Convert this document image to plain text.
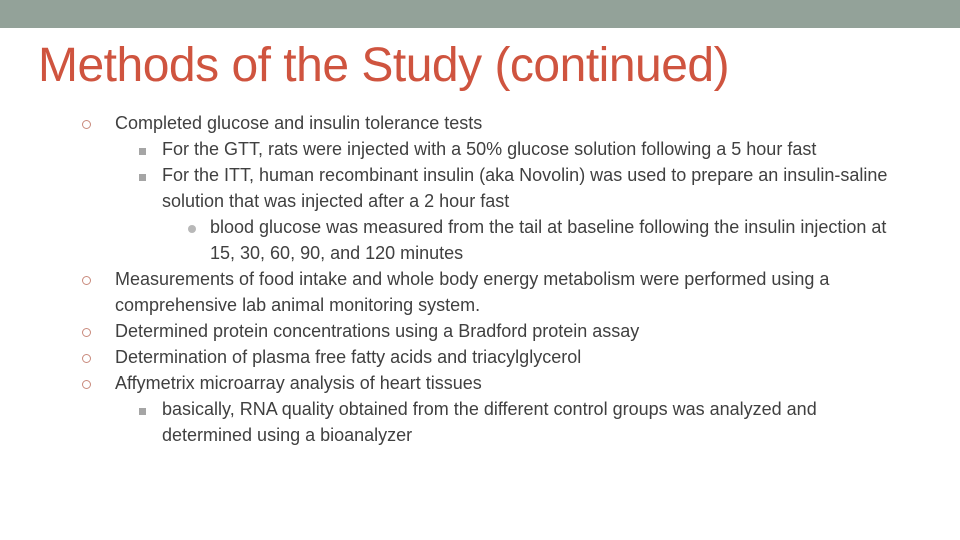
Methods of the Study (continued)
Completed glucose and insulin tolerance tests
For the GTT, rats were injected with a 50% glucose solution following a 5 hour fast
For the ITT, human recombinant insulin (aka Novolin) was used to prepare an insulin-saline solution that was injected after a 2 hour fast
blood glucose was measured from the tail at baseline following the insulin injection at 15, 30, 60, 90, and 120 minutes
Measurements of food intake and whole body energy metabolism were performed using a comprehensive lab animal monitoring system.
Determined protein concentrations using a Bradford protein assay
Determination of plasma free fatty acids and triacylglycerol
Affymetrix microarray analysis of heart tissues
basically, RNA quality obtained from the different control groups was analyzed and determined using a bioanalyzer
